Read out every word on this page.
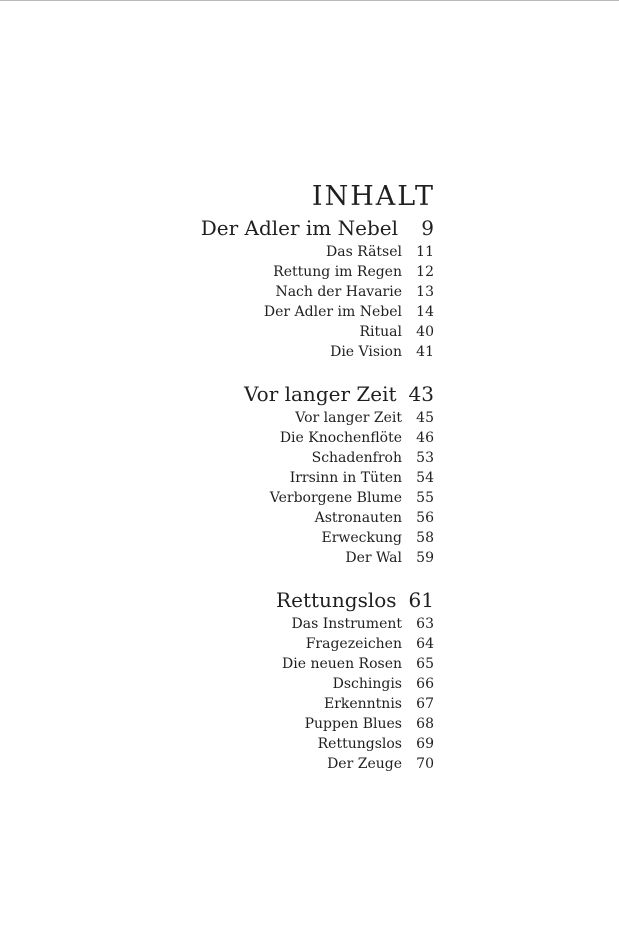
INHALT
Der Adler im Nebel	9
Das Rätsel 11
Rettung im Regen 12
Nach der Havarie 13
Der Adler im Nebel 14
Ritual 40
Die Vision 41
Vor langer Zeit 43
Vor langer Zeit 45
Die Knochenflöte 46
Schadenfroh 53
Irrsinn in Tüten 54
Verborgene Blume 55
Astronauten 56
Erweckung 58
Der Wal 59
Rettungslos 61
Das Instrument 63
Fragezeichen 64
Die neuen Rosen 65
Dschingis 66
Erkenntnis 67
Puppen Blues 68
Rettungslos 69
Der Zeuge 70
